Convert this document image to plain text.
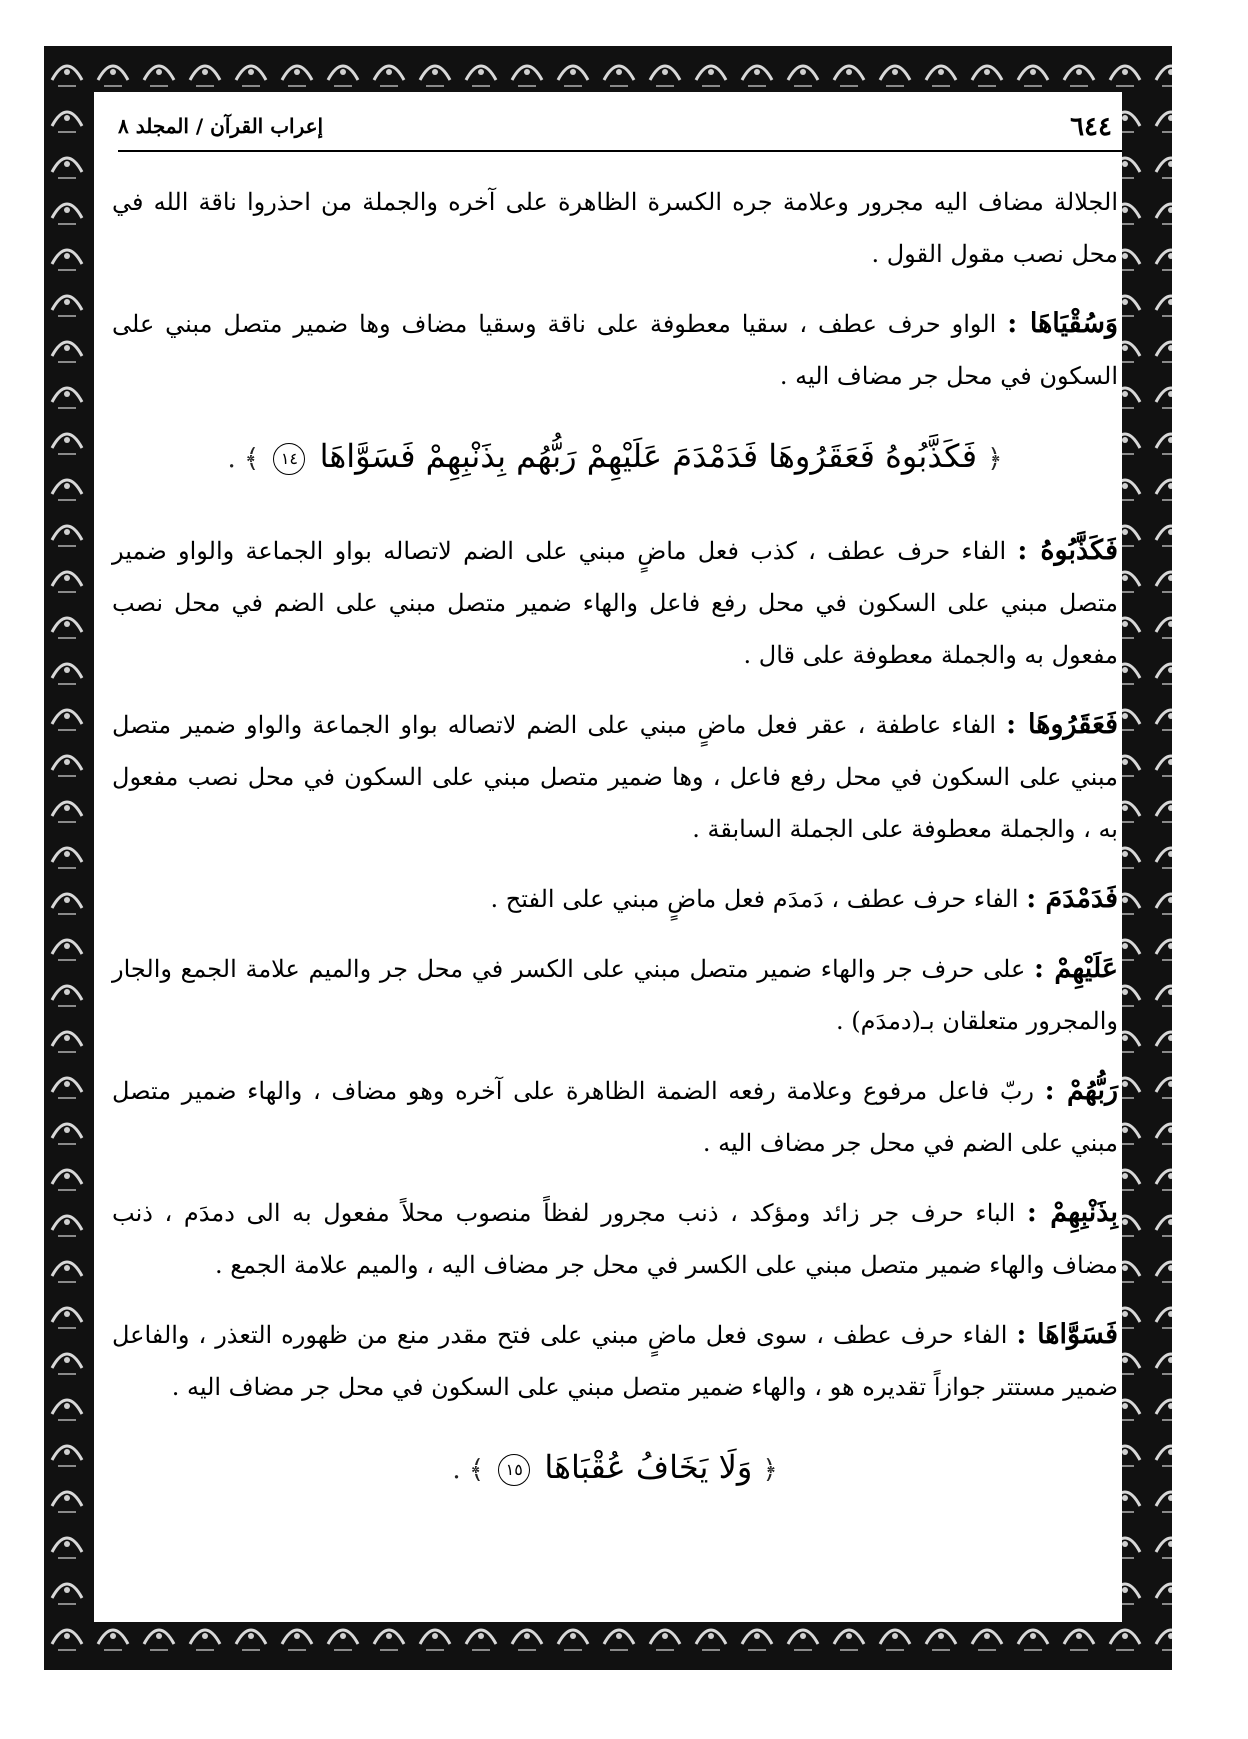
٦٤٤
إعراب القرآن / المجلد ٨

الجلالة مضاف اليه مجرور وعلامة جره الكسرة الظاهرة على آخره والجملة من احذروا ناقة الله في محل نصب مقول القول .

وَسُقْيَاهَا : الواو حرف عطف ، سقيا معطوفة على ناقة وسقيا مضاف وها ضمير متصل مبني على السكون في محل جر مضاف اليه .

﴿ فَكَذَّبُوهُ فَعَقَرُوهَا فَدَمْدَمَ عَلَيْهِمْ رَبُّهُم بِذَنْبِهِمْ فَسَوَّاهَا ١٤ ﴾ .

فَكَذَّبُوهُ : الفاء حرف عطف ، كذب فعل ماضٍ مبني على الضم لاتصاله بواو الجماعة والواو ضمير متصل مبني على السكون في محل رفع فاعل والهاء ضمير متصل مبني على الضم في محل نصب مفعول به والجملة معطوفة على قال .

فَعَقَرُوهَا : الفاء عاطفة ، عقر فعل ماضٍ مبني على الضم لاتصاله بواو الجماعة والواو ضمير متصل مبني على السكون في محل رفع فاعل ، وها ضمير متصل مبني على السكون في محل نصب مفعول به ، والجملة معطوفة على الجملة السابقة .

فَدَمْدَمَ : الفاء حرف عطف ، دَمدَم فعل ماضٍ مبني على الفتح .

عَلَيْهِمْ : على حرف جر والهاء ضمير متصل مبني على الكسر في محل جر والميم علامة الجمع والجار والمجرور متعلقان بـ(دمدَم) .

رَبُّهُمْ : ربّ فاعل مرفوع وعلامة رفعه الضمة الظاهرة على آخره وهو مضاف ، والهاء ضمير متصل مبني على الضم في محل جر مضاف اليه .

بِذَنْبِهِمْ : الباء حرف جر زائد ومؤكد ، ذنب مجرور لفظاً منصوب محلاً مفعول به الى دمدَم ، ذنب مضاف والهاء ضمير متصل مبني على الكسر في محل جر مضاف اليه ، والميم علامة الجمع .

فَسَوَّاهَا : الفاء حرف عطف ، سوى فعل ماضٍ مبني على فتح مقدر منع من ظهوره التعذر ، والفاعل ضمير مستتر جوازاً تقديره هو ، والهاء ضمير متصل مبني على السكون في محل جر مضاف اليه .

﴿ وَلَا يَخَافُ عُقْبَاهَا ١٥ ﴾ .
